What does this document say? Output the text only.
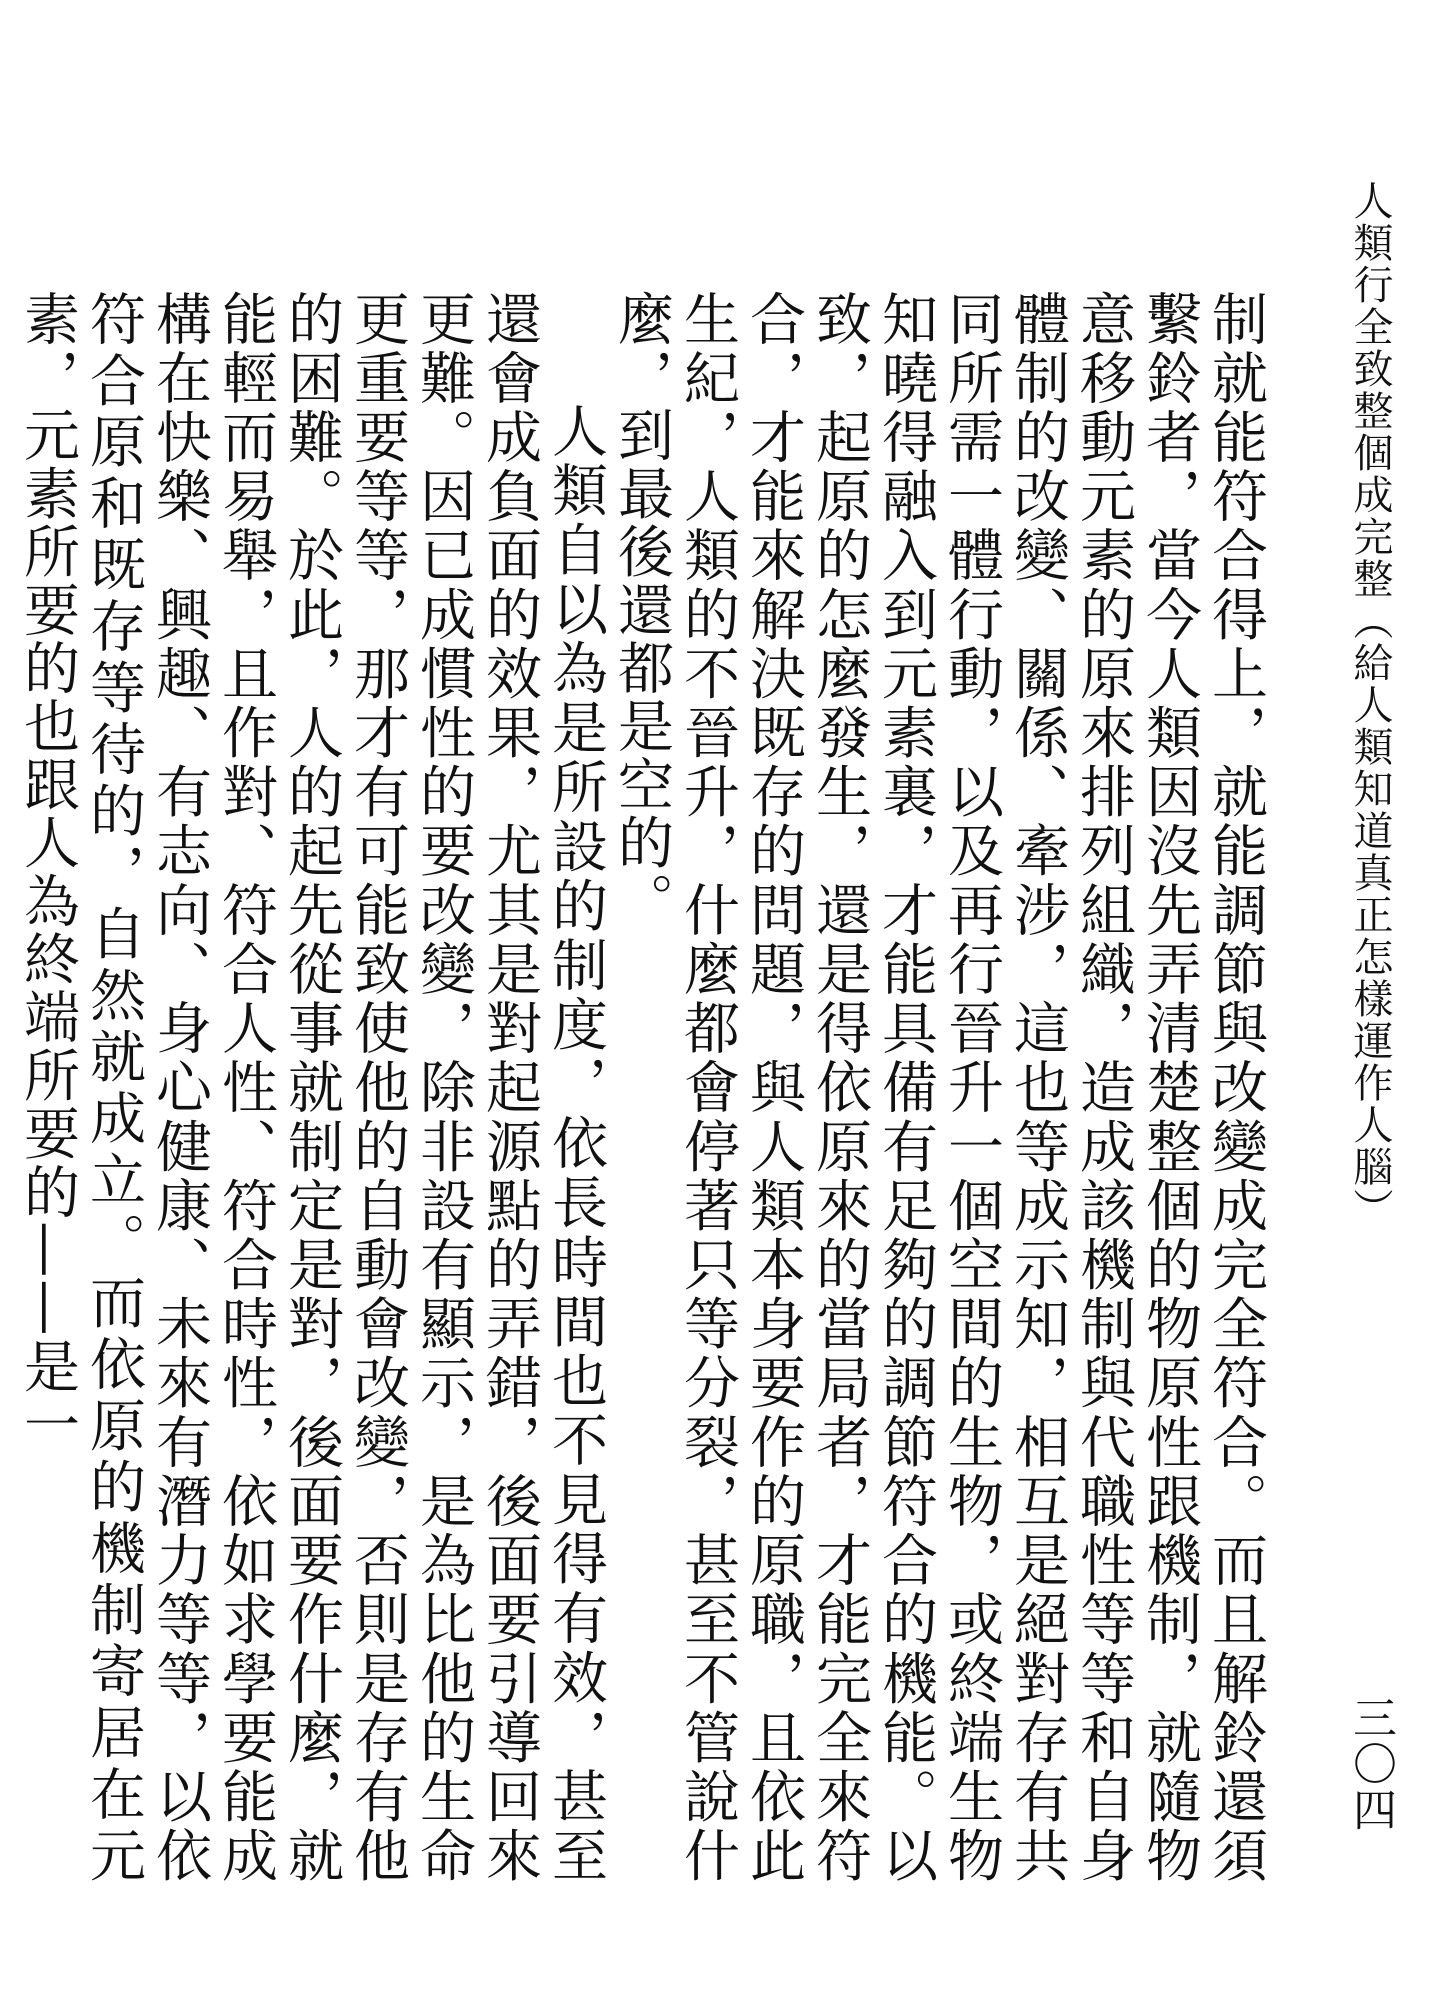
人類行全致整個成完整（給人類知道真正怎樣運作人腦）
三〇四

制就能符合得上，就能調節與改變成完全符合。而且解鈴還須繫鈴者，當今人類因沒先弄清楚整個的物原性跟機制，就隨物意移動元素的原來排列組織，造成該機制與代職性等等和自身體制的改變、關係、牽涉，這也等成示知，相互是絕對存有共同所需一體行動，以及再行晉升一個空間的生物，或終端生物知曉得融入到元素裏，才能具備有足夠的調節符合的機能。以致，起原的怎麼發生，還是得依原來的當局者，才能完全來符合，才能來解決既存的問題，與人類本身要作的原職，且依此生紀，人類的不晉升，什麼都會停著只等分裂，甚至不管說什麼，到最後還都是空的。

人類自以為是所設的制度，依長時間也不見得有效，甚至還會成負面的效果，尤其是對起源點的弄錯，後面要引導回來更難。因已成慣性的要改變，除非設有顯示，是為比他的生命更重要等等，那才有可能致使他的自動會改變，否則是存有他的困難。於此，人的起先從事就制定是對，後面要作什麼，就能輕而易舉，且作對、符合人性、符合時性，依如求學要能成構在快樂、興趣、有志向、身心健康、未來有潛力等等，以依符合原和既存等待的，自然就成立。而依原的機制寄居在元素，元素所要的也跟人為終端所要的——是一
